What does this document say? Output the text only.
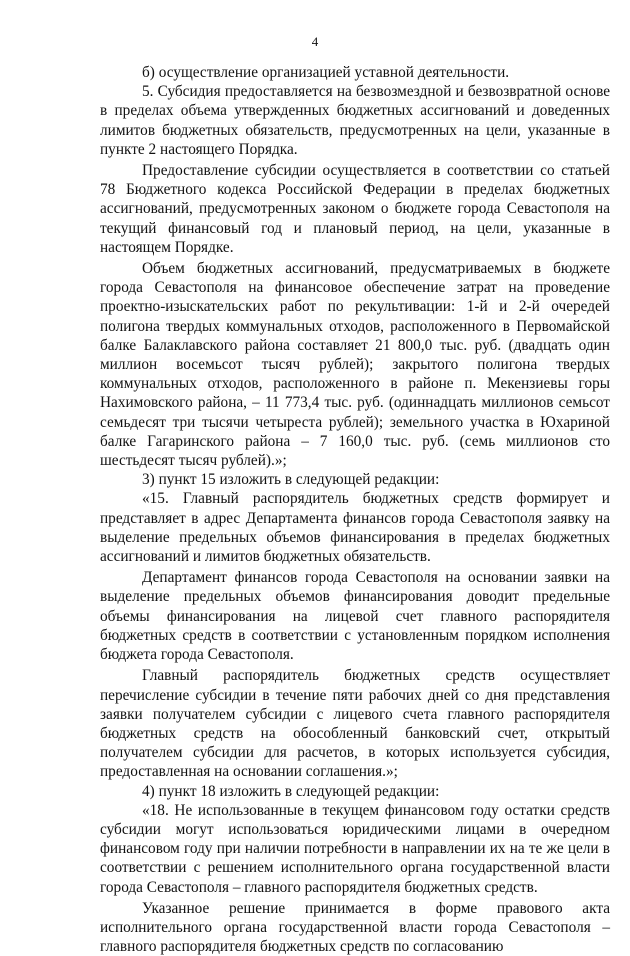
4

б) осуществление организацией уставной деятельности.

5. Субсидия предоставляется на безвозмездной и безвозвратной основе в пределах объема утвержденных бюджетных ассигнований и доведенных лимитов бюджетных обязательств, предусмотренных на цели, указанные в пункте 2 настоящего Порядка.

Предоставление субсидии осуществляется в соответствии со статьей 78 Бюджетного кодекса Российской Федерации в пределах бюджетных ассигнований, предусмотренных законом о бюджете города Севастополя на текущий финансовый год и плановый период, на цели, указанные в настоящем Порядке.

Объем бюджетных ассигнований, предусматриваемых в бюджете города Севастополя на финансовое обеспечение затрат на проведение проектно-изыскательских работ по рекультивации: 1-й и 2-й очередей полигона твердых коммунальных отходов, расположенного в Первомайской балке Балаклавского района составляет 21 800,0 тыс. руб. (двадцать один миллион восемьсот тысяч рублей); закрытого полигона твердых коммунальных отходов, расположенного в районе п. Мекензиевы горы Нахимовского района, – 11 773,4 тыс. руб. (одиннадцать миллионов семьсот семьдесят три тысячи четыреста рублей); земельного участка в Юхариной балке Гагаринского района – 7 160,0 тыс. руб. (семь миллионов сто шестьдесят тысяч рублей).»;

3) пункт 15 изложить в следующей редакции:

«15. Главный распорядитель бюджетных средств формирует и представляет в адрес Департамента финансов города Севастополя заявку на выделение предельных объемов финансирования в пределах бюджетных ассигнований и лимитов бюджетных обязательств.

Департамент финансов города Севастополя на основании заявки на выделение предельных объемов финансирования доводит предельные объемы финансирования на лицевой счет главного распорядителя бюджетных средств в соответствии с установленным порядком исполнения бюджета города Севастополя.

Главный распорядитель бюджетных средств осуществляет перечисление субсидии в течение пяти рабочих дней со дня представления заявки получателем субсидии с лицевого счета главного распорядителя бюджетных средств на обособленный банковский счет, открытый получателем субсидии для расчетов, в которых используется субсидия, предоставленная на основании соглашения.»;

4) пункт 18 изложить в следующей редакции:

«18. Не использованные в текущем финансовом году остатки средств субсидии могут использоваться юридическими лицами в очередном финансовом году при наличии потребности в направлении их на те же цели в соответствии с решением исполнительного органа государственной власти города Севастополя – главного распорядителя бюджетных средств.

Указанное решение принимается в форме правового акта исполнительного органа государственной власти города Севастополя – главного распорядителя бюджетных средств по согласованию
